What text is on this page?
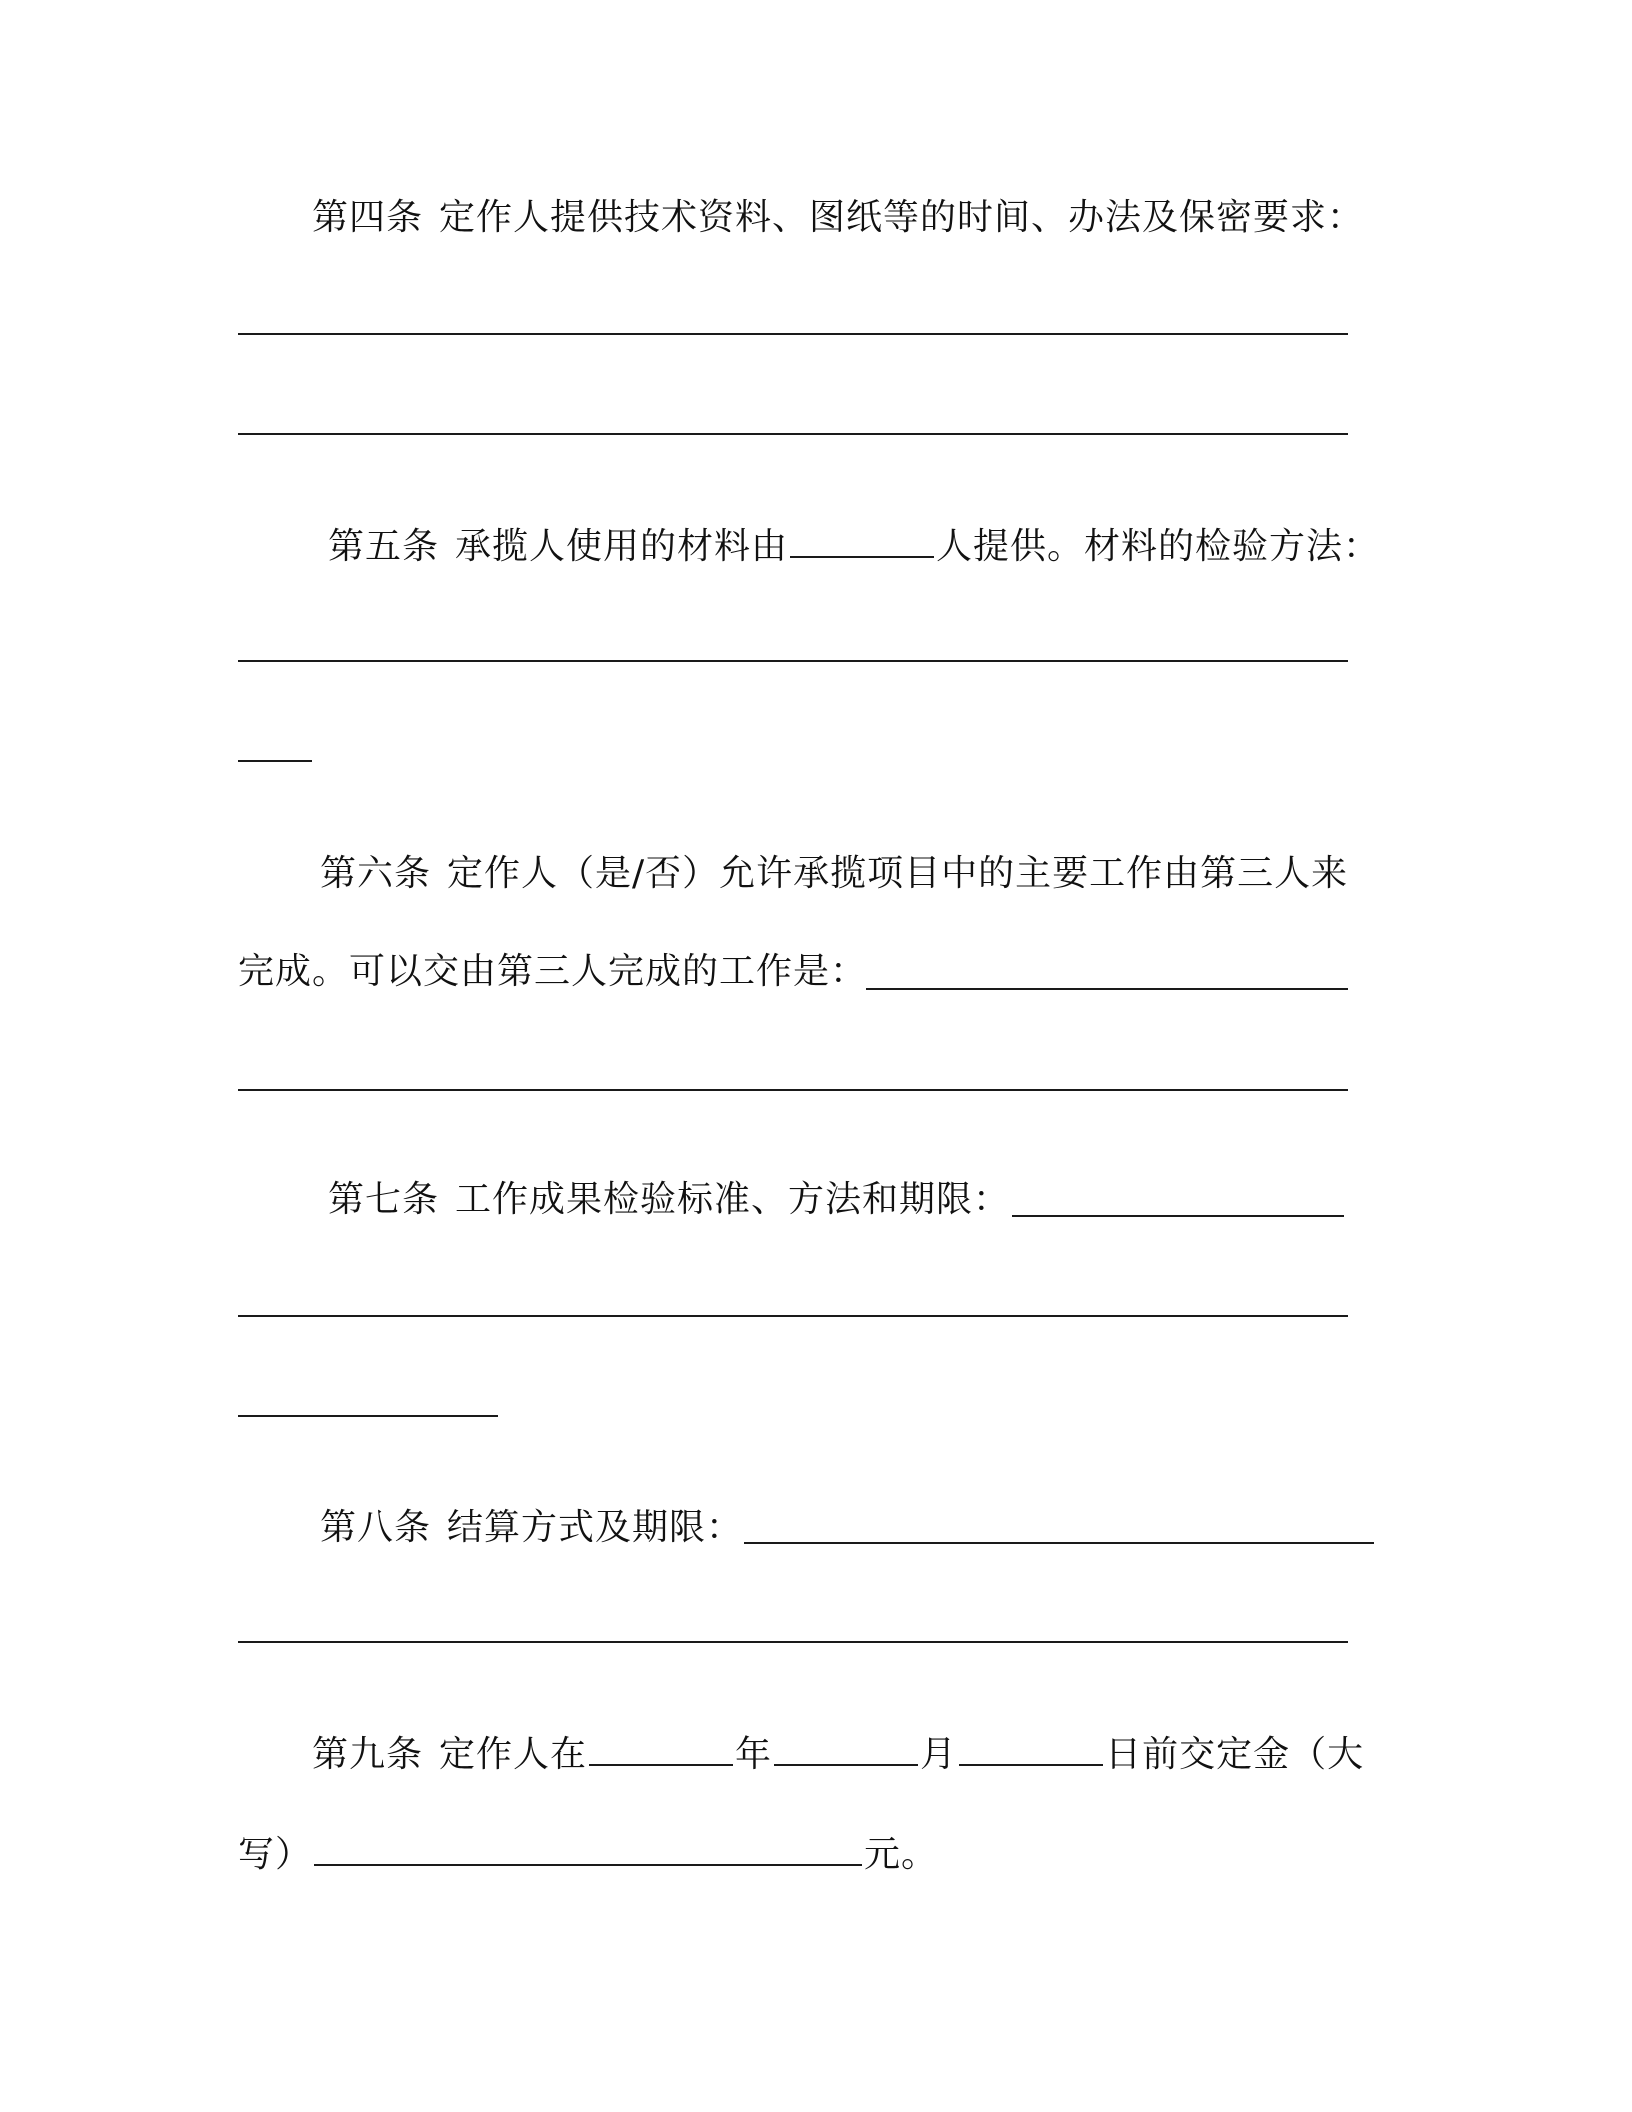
第四条 定作人提供技术资料、图纸等的时间、办法及保密要求：
第五条 承揽人使用的材料由	人提供。材料的检验方法：
第六条 定作人（是/否）允许承揽项目中的主要工作由第三人来
完成。可以交由第三人完成的工作是：
第七条 工作成果检验标准、方法和期限：
第八条 结算方式及期限：
第九条 定作人在	年	月	日前交定金（大
写）	元。
